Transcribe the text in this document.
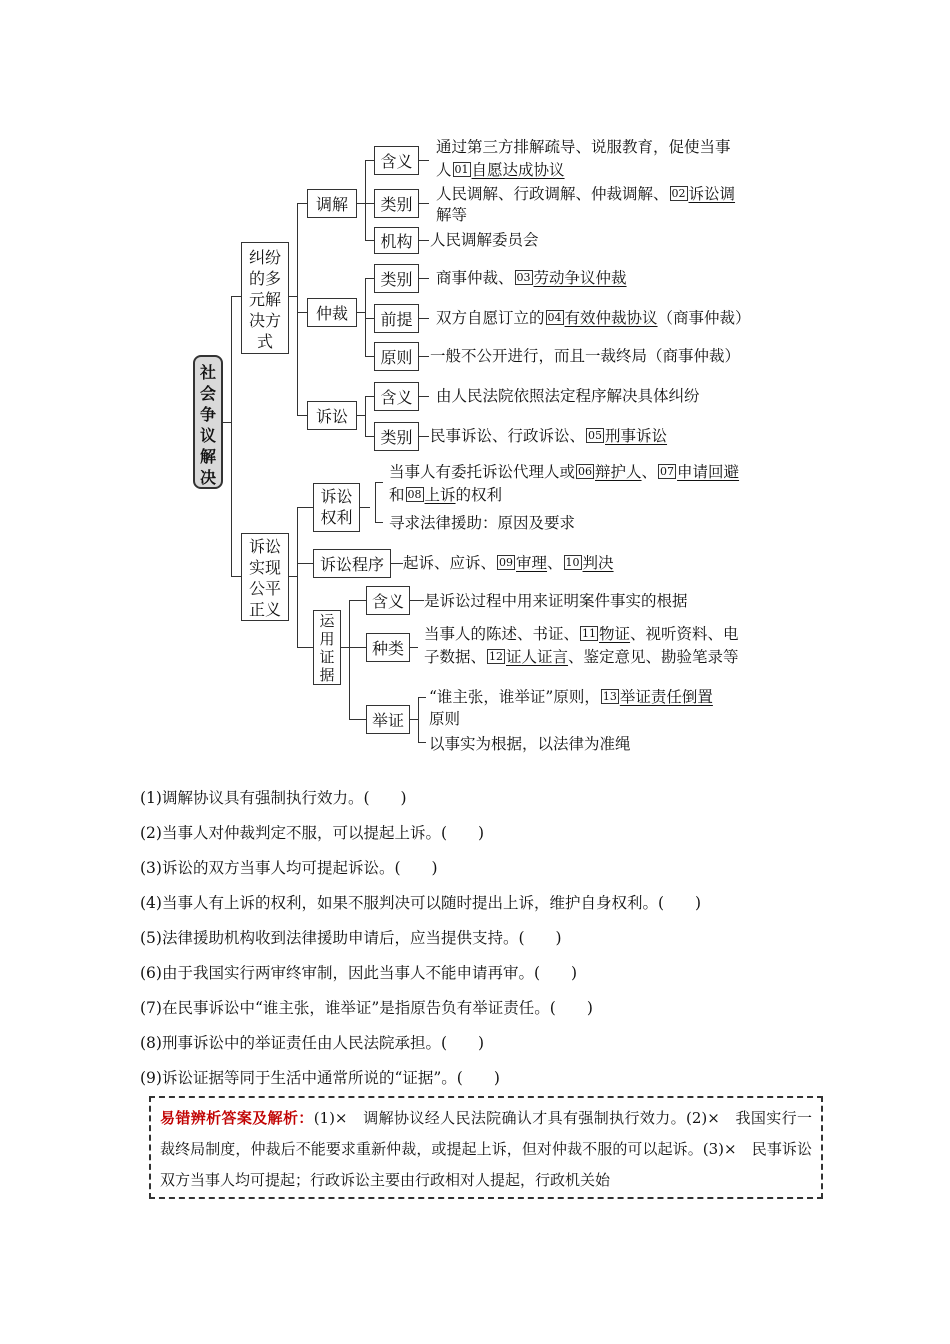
社会争议解决
纠纷的多元解决方式
调解
含义
通过第三方排解疏导、说服教育，促使当事
人 01 自愿达成协议
类别
人民调解、行政调解、仲裁调解、 02 诉讼调
解等
机构	人民调解委员会
仲裁
类别	商事仲裁、 03 劳动争议仲裁
前提	双方自愿订立的 04 有效仲裁协议（商事仲裁）
原则	一般不公开进行，而且一裁终局（商事仲裁）
诉讼
含义	由人民法院依照法定程序解决具体纠纷
类别	民事诉讼、行政诉讼、 05 刑事诉讼
诉讼实现公平正义
诉讼权利
当事人有委托诉讼代理人或 06 辩护人、 07 申请回避
和 08 上诉的权利
寻求法律援助：原因及要求
诉讼程序	起诉、应诉、 09 审理、 10 判决
运用证据
含义	是诉讼过程中用来证明案件事实的根据
种类
当事人的陈述、书证、 11 物证、视听资料、电
子数据、 12 证人证言、鉴定意见、勘验笔录等
举证
“谁主张，谁举证”原则， 13 举证责任倒置
原则
以事实为根据，以法律为准绳
(1)调解协议具有强制执行效力。(　　)
(2)当事人对仲裁判定不服，可以提起上诉。(　　)
(3)诉讼的双方当事人均可提起诉讼。(　　)
(4)当事人有上诉的权利，如果不服判决可以随时提出上诉，维护自身权利。(　　)
(5)法律援助机构收到法律援助申请后，应当提供支持。(　　)
(6)由于我国实行两审终审制，因此当事人不能申请再审。(　　)
(7)在民事诉讼中“谁主张，谁举证”是指原告负有举证责任。(　　)
(8)刑事诉讼中的举证责任由人民法院承担。(　　)
(9)诉讼证据等同于生活中通常所说的“证据”。(　　)
易错辨析答案及解析：(1)×　调解协议经人民法院确认才具有强制执行效力。(2)×　我国实行一裁终局制度，仲裁后不能要求重新仲裁，或提起上诉，但对仲裁不服的可以起诉。(3)×　民事诉讼双方当事人均可提起；行政诉讼主要由行政相对人提起，行政机关始
